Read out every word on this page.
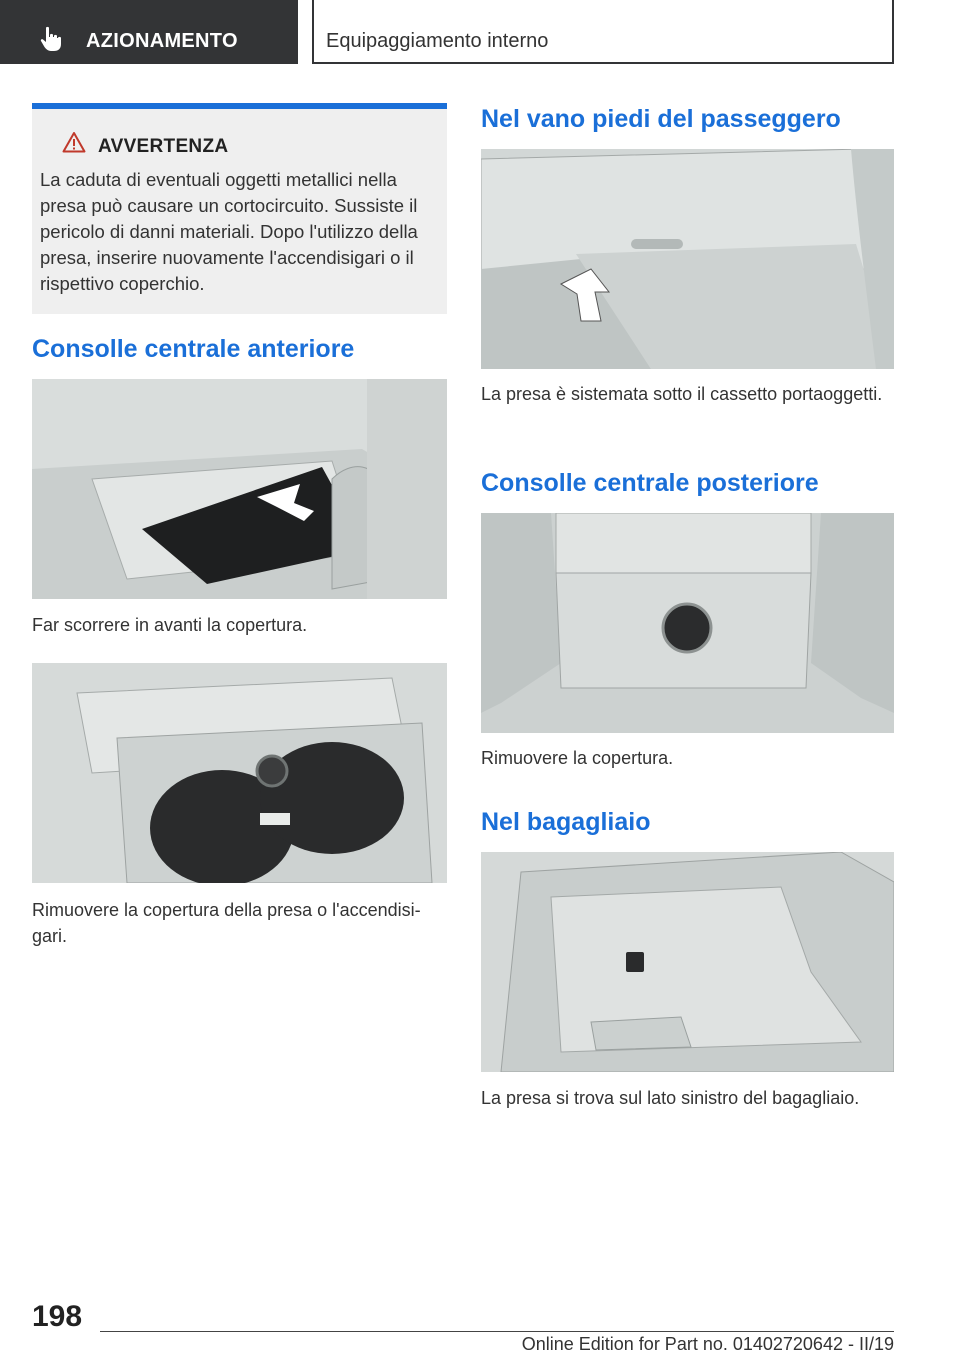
AZIONAMENTO	Equipaggiamento interno
AVVERTENZA
La caduta di eventuali oggetti metallici nella presa può causare un cortocircuito. Sussiste il pericolo di danni materiali. Dopo l'utilizzo della presa, inserire nuovamente l'accendisigari o il rispettivo coperchio.
Consolle centrale anteriore
Far scorrere in avanti la copertura.
Rimuovere la copertura della presa o l'accendisigari.
Nel vano piedi del passeggero
La presa è sistemata sotto il cassetto portaoggetti.
Consolle centrale posteriore
Rimuovere la copertura.
Nel bagagliaio
La presa si trova sul lato sinistro del bagagliaio.
198
Online Edition for Part no. 01402720642 - II/19
